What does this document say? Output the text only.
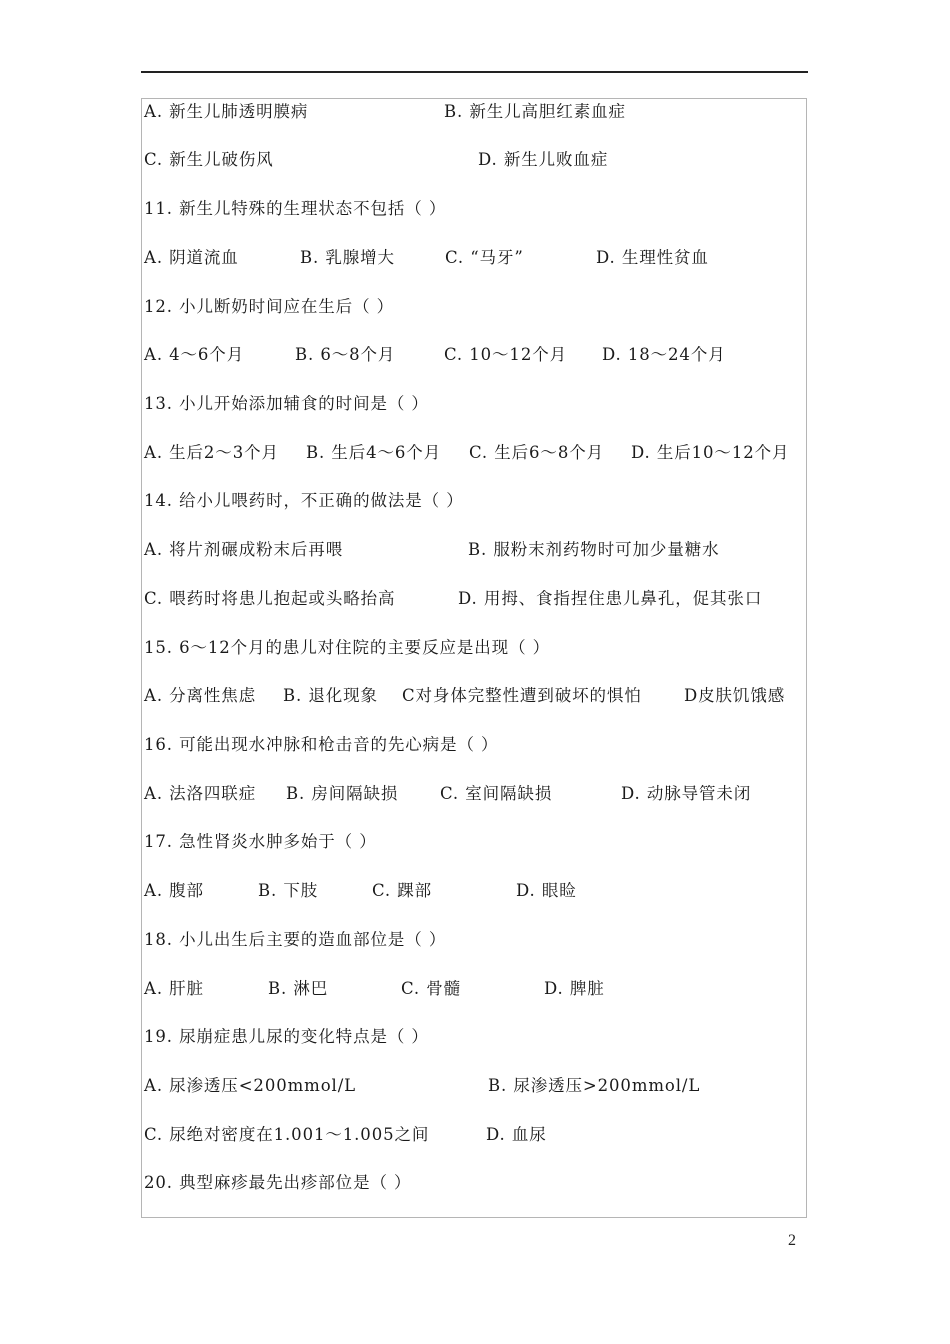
A. 新生儿肺透明膜病	B. 新生儿高胆红素血症
C. 新生儿破伤风	D. 新生儿败血症
11. 新生儿特殊的生理状态不包括（ ）
A. 阴道流血	B. 乳腺增大	C. “马牙”	D. 生理性贫血
12. 小儿断奶时间应在生后（ ）
A. 4～6个月	B. 6～8个月	C. 10～12个月 D. 18～24个月
13. 小儿开始添加辅食的时间是（ ）
A. 生后2～3个月 B. 生后4～6个月 C. 生后6～8个月 D. 生后10～12个月
14. 给小儿喂药时，不正确的做法是（ ）
A. 将片剂碾成粉末后再喂	B. 服粉末剂药物时可加少量糖水
C. 喂药时将患儿抱起或头略抬高	D. 用拇、食指捏住患儿鼻孔，促其张口
15. 6～12个月的患儿对住院的主要反应是出现（ ）
A. 分离性焦虑 B. 退化现象 C对身体完整性遭到破坏的惧怕	D皮肤饥饿感
16. 可能出现水冲脉和枪击音的先心病是（ ）
A. 法洛四联症 B. 房间隔缺损	C. 室间隔缺损	D. 动脉导管未闭
17. 急性肾炎水肿多始于（ ）
A. 腹部	B. 下肢	C. 踝部	D. 眼睑
18. 小儿出生后主要的造血部位是（ ）
A. 肝脏	B. 淋巴	C. 骨髓	D. 脾脏
19. 尿崩症患儿尿的变化特点是（ ）
A. 尿渗透压<200mmol/L	B. 尿渗透压>200mmol/L
C. 尿绝对密度在1.001～1.005之间	D. 血尿
20. 典型麻疹最先出疹部位是（ ）
2
